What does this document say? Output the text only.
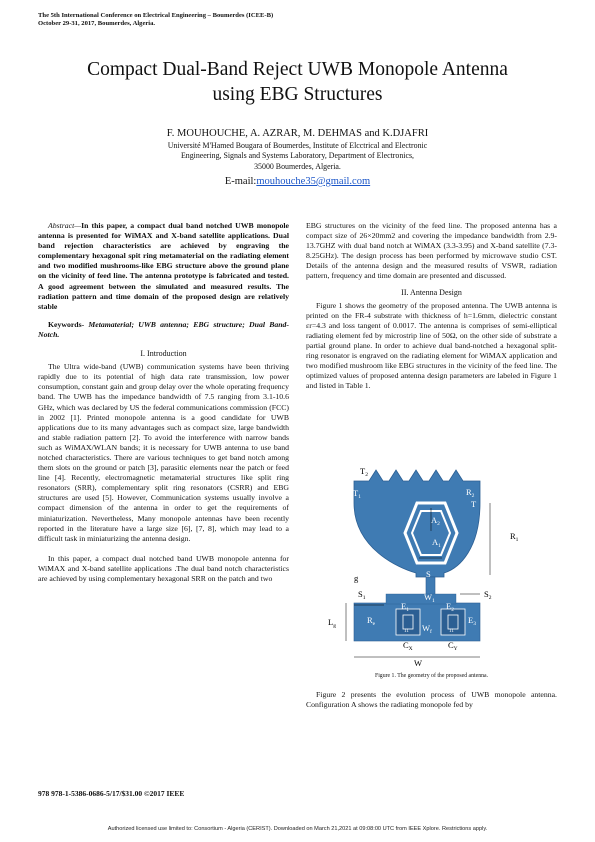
The 5th International Conference on Electrical Engineering – Boumerdes (ICEE-B)
October 29-31, 2017, Boumerdes, Algeria.
Compact Dual-Band Reject UWB Monopole Antenna
using EBG Structures
F. MOUHOUCHE, A. AZRAR, M. DEHMAS and K.DJAFRI
Université M'Hamed Bougara of Boumerdes, Institute of Elcctrical and Electronic
Engineering, Signals and Systems Laboratory, Department of Electronics,
35000 Boumerdes, Algeria.
E-mail:mouhouche35@gmail.com

Abstract—In this paper, a compact dual band notched UWB monopole antenna is presented for WiMAX and X-band satellite applications. Dual band rejection characteristics are achieved by engraving the complementary hexagonal spit ring metamaterial on the radiating element and two modified mushrooms-like EBG structure above the ground plane on the vicinity of feed line. The antenna prototype is fabricated and tested. A good agreement between the simulated and measured results. The radiation pattern and time domain of the proposed design are relatively stable

Keywords- Metamaterial; UWB antenna; EBG structure; Dual Band- Notch.

I. Introduction

The Ultra wide-band (UWB) communication systems have been thriving rapidly due to its potential of high data rate transmission, low power consumption, constant gain and group delay over the whole operating frequency band. The UWB has the impedance bandwidth of 7.5 ranging from 3.1-10.6 GHz, which was declared by US the federal communications commission (FCC) in 2002 [1]. Printed monopole antenna is a good candidate for UWB applications due to its many advantages such as compact size, large bandwidth and stable radiation pattern [2]. To avoid the interference with narrow bands such as WiMAX/WLAN bands; it is necessary for UWB antenna to use band notched characteristics. There are various techniques to get band notch among them slots on the ground or patch [3], parasitic elements near the patch or feed line [4]. Recently, electromagnetic metamaterial structures like split ring resonators (SRR), complementary split ring resonators (CSRR) and EBG structures are used [5]. However, Communication systems usually involve a compact dimension of the antenna in order to get the requirements of miniaturization. Nevertheless, Many monopole antennas have been recently reported in the literature have a large size [6], [7, 8], which may lead to a difficult task in miniaturizing the antenna design.

In this paper, a compact dual notched band UWB monopole antenna for WiMAX and X-band satellite applications .The dual band notch characteristics are achieved by using complementary hexagonal SRR on the patch and two

EBG structures on the vicinity of the feed line. The proposed antenna has a compact size of 26×20mm2 and covering the impedance bandwidth from 2.9-13.7GHZ with dual band notch at WiMAX (3.3-3.95) and X-band satellite (7.3-8.25GHz). The design process has been performed by microwave studio CST. Details of the antenna design and the measured results of VSWR, radiation pattern, frequency and time domain are presented and discussed.

II. Antenna Design

Figure 1 shows the geometry of the proposed antenna. The UWB antenna is printed on the FR-4 substrate with thickness of h=1.6mm, dielectric constant εr=4.3 and loss tangent of 0.0017. The antenna is comprises of semi-elliptical radiating element fed by microstrip line of 50Ω, on the other side of substrate a partial ground plane. In order to achieve dual band-notched a hexagonal split-ring resonator is engraved on the radiating element for WiMAX application and two modified mushroom like EBG structures in the vicinity of the feed line. The optimized values of proposed antenna design parameters are labeled in Figure 1 and listed in Table 1.

$T_2$
$T_1$	$R_2$
T
$A_2$
$A_1$
$R_1$
S
g
$S_1$	$S_2$
$W_1$
$E_1$	$E_2$
$E_3$
$R_e$
$L_g$	$W_f$
$C_X$	$C_Y$
W
11	11
Figure 1. The geometry of the proposed antenna.

Figure 2 presents the evolution process of UWB monopole antenna. Configuration A shows the radiating monopole fed by

978 978-1-5386-0686-5/17/$31.00 ©2017 IEEE
Authorized licensed use limited to: Consortium - Algeria (CERIST). Downloaded on March 21,2021 at 09:08:00 UTC from IEEE Xplore. Restrictions apply.
